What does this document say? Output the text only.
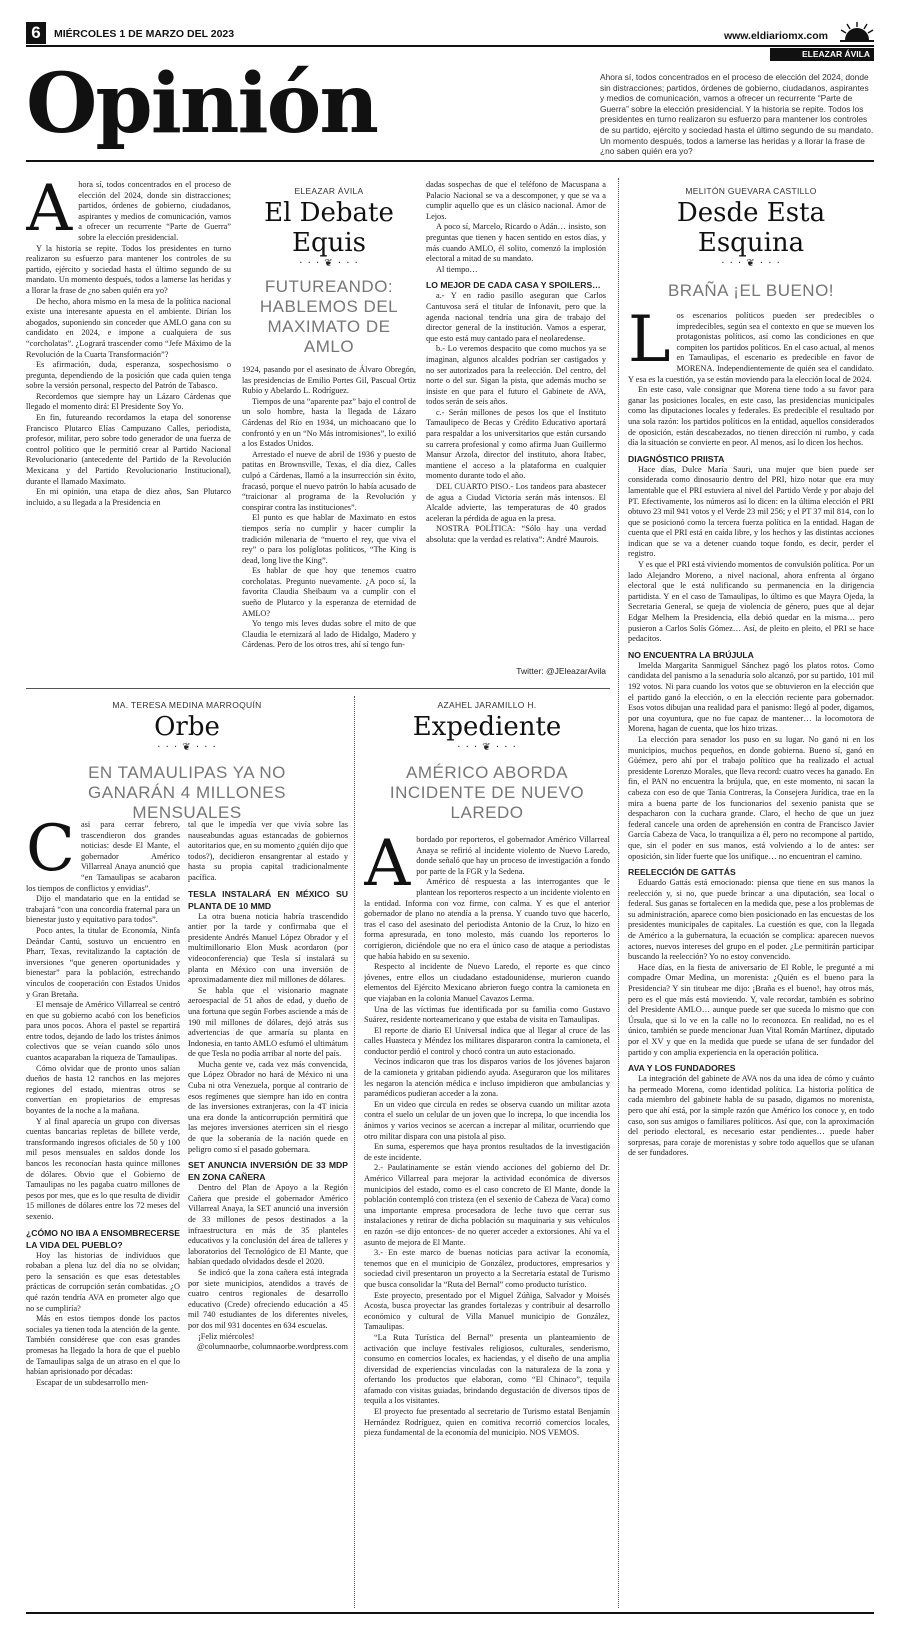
6	MIÉRCOLES 1 DE MARZO DEL 2023	www.eldiariomx.com
ELEAZAR ÁVILA
Opinión	Ahora sí, todos concentrados en el proceso de elección del 2024, donde sin distracciones; partidos, órdenes de gobierno, ciudadanos, aspirantes y medios de comunicación, vamos a ofrecer un recurrente “Parte de Guerra” sobre la elección presidencial. Y la historia se repite. Todos los presidentes en turno realizaron su esfuerzo para mantener los controles de su partido, ejército y sociedad hasta el último segundo de su mandato. Un momento después, todos a lamerse las heridas y a llorar la frase de ¿no saben quién era yo?
A hora sí, todos concentrados en el proceso de elección del 2024, donde sin distracciones; partidos, órdenes de gobierno, ciudadanos, aspirantes y medios de comunicación, vamos a ofrecer un recurrente “Parte de Guerra” sobre la elección presidencial.

Y la historia se repite. Todos los presidentes en turno realizaron su esfuerzo para mantener los controles de su partido, ejército y sociedad hasta el último segundo de su mandato. Un momento después, todos a lamerse las heridas y a llorar la frase de ¿no saben quién era yo?

De hecho, ahora mismo en la mesa de la política nacional existe una interesante apuesta en el ambiente. Dirían los abogados, suponiendo sin conceder que AMLO gana con su candidato en 2024, e impone a cualquiera de sus “corcholatas”. ¿Logrará trascender como “Jefe Máximo de la Revolución de la Cuarta Transformación”?

Es afirmación, duda, esperanza, sospechosismo o pregunta, dependiendo de la posición que cada quien tenga sobre la versión personal, respecto del Patrón de Tabasco.

Recordemos que siempre hay un Lázaro Cárdenas que llegado el momento dirá: El Presidente Soy Yo.

En fin, futureando recordamos la etapa del sonorense Francisco Plutarco Elías Campuzano Calles, periodista, profesor, militar, pero sobre todo generador de una fuerza de control político que le permitió crear al Partido Nacional Revolucionario (antecedente del Partido de la Revolución Mexicana y del Partido Revolucionario Institucional), durante el llamado Maximato.

En mi opinión, una etapa de diez años, San Plutarco incluido, a su llegada a la Presidencia en

ELEAZAR ÁVILA
El Debate Equis
· · · ❦ · · ·
FUTUREANDO: HABLEMOS DEL MAXIMATO DE AMLO

1924, pasando por el asesinato de Álvaro Obregón, las presidencias de Emilio Portes Gil, Pascual Ortiz Rubio y Abelardo L. Rodríguez.

Tiempos de una “aparente paz” bajo el control de un solo hombre, hasta la llegada de Lázaro Cárdenas del Río en 1934, un michoacano que lo confrontó y en un “No Más intromisiones”, lo exilió a los Estados Unidos.

Arrestado el nueve de abril de 1936 y puesto de patitas en Brownsville, Texas, el día diez, Calles culpó a Cárdenas, llamó a la insurrección sin éxito, fracasó, porque el nuevo patrón lo había acusado de “traicionar al programa de la Revolución y conspirar contra las instituciones”.

El punto es que hablar de Maximato en estos tiempos sería no cumplir y hacer cumplir la tradición milenaria de “muerto el rey, que viva el rey” o para los políglotas políticos, “The King is dead, long live the King”.

Es hablar de que hoy que tenemos cuatro corcholatas. Pregunto nuevamente. ¿A poco sí, la favorita Claudia Sheibaum va a cumplir con el sueño de Plutarco y la esperanza de eternidad de AMLO?

Yo tengo mis leves dudas sobre el mito de que Claudia le eternizará al lado de Hidalgo, Madero y Cárdenas. Pero de los otros tres, ahí sí tengo fun-

dadas sospechas de que el teléfono de Macuspana a Palacio Nacional se va a descomponer, y que se va a cumplir aquello que es un clásico nacional. Amor de Lejos.

A poco sí, Marcelo, Ricardo o Adán… insisto, son preguntas que tienen y hacen sentido en estos días, y más cuando AMLO, él solito, comenzó la implosión electoral a mitad de su mandato.

Al tiempo…

LO MEJOR DE CADA CASA Y SPOILERS…

a.- Y en radio pasillo aseguran que Carlos Cantuvosa será el titular de Infonavit, pero que la agenda nacional tendría una gira de trabajo del director general de la institución. Vamos a esperar, que esto está muy cantado para el neolaredense.

b.- Lo veremos despacito que como muchos ya se imaginan, algunos alcaldes podrían ser castigados y no ser autorizados para la reelección. Del centro, del norte o del sur. Sigan la pista, que además mucho se insiste en que para el futuro el Gabinete de AVA, todos serán de seis años.

c.- Serán millones de pesos los que el Instituto Tamaulipeco de Becas y Crédito Educativo aportará para respaldar a los universitarios que están cursando su carrera profesional y como afirma Juan Guillermo Mansur Arzola, director del instituto, ahora Itabec, mantiene el acceso a la plataforma en cualquier momento durante todo el año.

DEL CUARTO PISO.- Los tandeos para abastecer de agua a Ciudad Victoria serán más intensos. El Alcalde advierte, las temperaturas de 40 grados aceleran la pérdida de agua en la presa.

NOSTRA POLÍTICA: “Sólo hay una verdad absoluta: que la verdad es relativa”: André Maurois.

Twitter: @JEleazarAvila
MELITÓN GUEVARA CASTILLO
Desde Esta Esquina
· · · ❦ · · ·
BRAÑA ¡EL BUENO!
L os escenarios políticos pueden ser predecibles o impredecibles, según sea el contexto en que se mueven los protagonistas políticos, así como las condiciones en que compiten los partidos políticos. En el caso actual, al menos en Tamaulipas, el escenario es predecible en favor de MORENA. Independientemente de quién sea el candidato. Y esa es la cuestión, ya se están moviendo para la elección local de 2024.

En este caso, vale consignar que Morena tiene todo a su favor para ganar las posiciones locales, en este caso, las presidencias municipales como las diputaciones locales y federales. Es predecible el resultado por una sola razón: los partidos políticos en la entidad, aquellos considerados de oposición, están descabezados, no tienen dirección ni rumbo, y cada día la situación se convierte en peor. Al menos, así lo dicen los hechos.

DIAGNÓSTICO PRIISTA

Hace días, Dulce María Sauri, una mujer que bien puede ser considerada como dinosaurio dentro del PRI, hizo notar que era muy lamentable que el PRI estuviera al nivel del Partido Verde y por abajo del PT. Efectivamente, los números así lo dicen: en la última elección el PRI obtuvo 23 mil 941 votos y el Verde 23 mil 256; y el PT 37 mil 814, con lo que se posicionó como la tercera fuerza política en la entidad. Hagan de cuenta que el PRI está en caída libre, y los hechos y las distintas acciones indican que se va a detener cuando toque fondo, es decir, perder el registro.

Y es que el PRI está viviendo momentos de convulsión política. Por un lado Alejandro Moreno, a nivel nacional, ahora enfrenta al órgano electoral que le está nulificando su permanencia en la dirigencia partidista. Y en el caso de Tamaulipas, lo último es que Mayra Ojeda, la Secretaria General, se queja de violencia de género, pues que al dejar Edgar Melhem la Presidencia, ella debió quedar en la misma… pero pusieron a Carlos Solís Gómez… Así, de pleito en pleito, el PRI se hace pedacitos.

NO ENCUENTRA LA BRÚJULA

Imelda Margarita Sanmiguel Sánchez pagó los platos rotos. Como candidata del panismo a la senaduría solo alcanzó, por su partido, 101 mil 192 votos. Ni para cuando los votos que se obtuvieron en la elección que el partido ganó la elección, o en la elección reciente para gobernador. Esos votos dibujan una realidad para el panismo: llegó al poder, digamos, por una coyuntura, que no fue capaz de mantener… la locomotora de Morena, hagan de cuenta, que los hizo trizas.

La elección para senador los puso en su lugar. No ganó ni en los municipios, muchos pequeños, en donde gobierna. Bueno sí, ganó en Güémez, pero ahí por el trabajo político que ha realizado el actual presidente Lorenzo Morales, que lleva record: cuatro veces ha ganado. En fin, el PAN no encuentra la brújula, que, en este momento, ni sacan la cabeza con eso de que Tania Contreras, la Consejera Jurídica, trae en la mira a buena parte de los funcionarios del sexenio panista que se despacharon con la cuchara grande. Claro, el hecho de que un juez federal cancele una orden de aprehensión en contra de Francisco Javier García Cabeza de Vaca, lo tranquiliza a él, pero no recompone al partido, que, sin el poder en sus manos, está volviendo a lo de antes: ser oposición, sin líder fuerte que los unifique… no encuentran el camino.

REELECCIÓN DE GATTÁS

Eduardo Gattás está emocionado: piensa que tiene en sus manos la reelección y, si no, que puede brincar a una diputación, sea local o federal. Sus ganas se fortalecen en la medida que, pese a los problemas de su administración, aparece como bien posicionado en las encuestas de los presidentes municipales de capitales. La cuestión es que, con la llegada de Américo a la gubernatura, la ecuación se complica: aparecen nuevos actores, nuevos intereses del grupo en el poder. ¿Le permitirán participar buscando la reelección? Yo no estoy convencido.

Hace días, en la fiesta de aniversario de El Roble, le pregunté a mi compadre Omar Medina, un morenista: ¿Quién es el bueno para la Presidencia? Y sin titubear me dijo: ¡Braña es el bueno!, hay otros más, pero es el que más está moviendo. Y, vale recordar, también es sobrino del Presidente AMLO… aunque puede ser que suceda lo mismo que con Úrsula, que si lo ve en la calle no lo reconozca. En realidad, no es el único, también se puede mencionar Juan Vital Román Martínez, diputado por el XV y que en la medida que puede se ufana de ser fundador del partido y con amplia experiencia en la operación política.

AVA Y LOS FUNDADORES

La integración del gabinete de AVA nos da una idea de cómo y cuánto ha permeado Morena, como identidad política. La historia política de cada miembro del gabinete habla de su pasado, digamos no morenista, pero que ahí está, por la simple razón que Américo los conoce y, en todo caso, son sus amigos o familiares políticos. Así que, con la aproximación del periodo electoral, es necesario estar pendientes… puede haber sorpresas, para coraje de morenistas y sobre todo aquellos que se ufanan de ser fundadores.

MA. TERESA MEDINA MARROQUÍN
Orbe
· · · ❦ · · ·
EN TAMAULIPAS YA NO GANARÁN 4 MILLONES MENSUALES
C asi para cerrar febrero, trascendieron dos grandes noticias: desde El Mante, el gobernador Américo Villarreal Anaya anunció que “en Tamaulipas se acabaron los tiempos de conflictos y envidias”.

Dijo el mandatario que en la entidad se trabajará “con una concordia fraternal para un bienestar justo y equitativo para todos”.

Poco antes, la titular de Economía, Ninfa Deándar Cantú, sostuvo un encuentro en Pharr, Texas, revitalizando la captación de inversiones “que generen oportunidades y bienestar” para la población, estrechando vínculos de cooperación con Estados Unidos y Gran Bretaña.

El mensaje de Américo Villarreal se centró en que su gobierno acabó con los beneficios para unos pocos. Ahora el pastel se repartirá entre todos, dejando de lado los tristes ánimos colectivos que se veían cuando sólo unos cuantos acaparaban la riqueza de Tamaulipas.

Cómo olvidar que de pronto unos salían dueños de hasta 12 ranchos en las mejores regiones del estado, mientras otros se convertían en propietarios de empresas boyantes de la noche a la mañana.

Y al final aparecía un grupo con diversas cuentas bancarias repletas de billete verde, transformando ingresos oficiales de 50 y 100 mil pesos mensuales en saldos donde los bancos les reconocían hasta quince millones de dólares. Obvio que el Gobierno de Tamaulipas no les pagaba cuatro millones de pesos por mes, que es lo que resulta de dividir 15 millones de dólares entre los 72 meses del sexenio.

¿CÓMO NO IBA A ENSOMBRECERSE LA VIDA DEL PUEBLO?

Hoy las historias de individuos que robaban a plena luz del día no se olvidan; pero la sensación es que esas detestables prácticas de corrupción serán combatidas. ¿O qué razón tendría AVA en prometer algo que no se cumpliría?

Más en estos tiempos donde los pactos sociales ya tienen toda la atención de la gente. También considérese que con esas grandes promesas ha llegado la hora de que el pueblo de Tamaulipas salga de un atraso en el que lo habían aprisionado por décadas:

Escapar de un subdesarrollo men-

tal que le impedía ver que vivía sobre las nauseabundas aguas estancadas de gobiernos autoritarios que, en su momento ¿quién dijo que todos?), decidieron ensangrentar al estado y hasta su propia capital tradicionalmente pacífica.

TESLA INSTALARÁ EN MÉXICO SU PLANTA DE 10 MMD

La otra buena noticia habría trascendido antier por la tarde y confirmaba que el presidente Andrés Manuel López Obrador y el multimillonario Elon Musk acordaron (por videoconferencia) que Tesla sí instalará su planta en México con una inversión de aproximadamente diez mil millones de dólares.

Se habla que el visionario magnate aeroespacial de 51 años de edad, y dueño de una fortuna que según Forbes asciende a más de 190 mil millones de dólares, dejó atrás sus advertencias de que armaría su planta en Indonesia, en tanto AMLO esfumó el ultimátum de que Tesla no podía arribar al norte del país.

Mucha gente ve, cada vez más convencida, que López Obrador no hará de México ni una Cuba ni otra Venezuela, porque al contrario de esos regímenes que siempre han ido en contra de las inversiones extranjeras, con la 4T inicia una era donde la anticorrupción permitirá que las mejores inversiones aterricen sin el riesgo de que la soberanía de la nación quede en peligro como sí el pasado gobernara.

SET ANUNCIA INVERSIÓN DE 33 MDP EN ZONA CAÑERA

Dentro del Plan de Apoyo a la Región Cañera que preside el gobernador Américo Villarreal Anaya, la SET anunció una inversión de 33 millones de pesos destinados a la infraestructura en más de 35 planteles educativos y la conclusión del área de talleres y laboratorios del Tecnológico de El Mante, que habían quedado olvidados desde el 2020.

Se indicó que la zona cañera está integrada por siete municipios, atendidos a través de cuatro centros regionales de desarrollo educativo (Crede) ofreciendo educación a 45 mil 740 estudiantes de los diferentes niveles, por dos mil 931 docentes en 634 escuelas.

¡Feliz miércoles!

@columnaorbe, columnaorbe.wordpress.com

AZAHEL JARAMILLO H.
Expediente
· · · ❦ · · ·
AMÉRICO ABORDA INCIDENTE DE NUEVO LAREDO
A bordado por reporteros, el gobernador Américo Villarreal Anaya se refirió al incidente violento de Nuevo Laredo, donde señaló que hay un proceso de investigación a fondo por parte de la FGR y la Sedena.

Américo dé respuesta a las interrogantes que le plantean los reporteros respecto a un incidente violento en la entidad. Informa con voz firme, con calma. Y es que el anterior gobernador de plano no atendía a la prensa. Y cuando tuvo que hacerlo, tras el caso del asesinato del periodista Antonio de la Cruz, lo hizo en forma apresurada, en tono molesto, más cuando los reporteros lo corrigieron, diciéndole que no era el único caso de ataque a periodistas que había habido en su sexenio.

Respecto al incidente de Nuevo Laredo, el reporte es que cinco jóvenes, entre ellos un ciudadano estadounidense, murieron cuando elementos del Ejército Mexicano abrieron fuego contra la camioneta en que viajaban en la colonia Manuel Cavazos Lerma.

Una de las víctimas fue identificada por su familia como Gustavo Suárez, residente norteamericano y que estaba de visita en Tamaulipas.

El reporte de diario El Universal indica que al llegar al cruce de las calles Huasteca y Méndez los militares dispararon contra la camioneta, el conductor perdió el control y chocó contra un auto estacionado.

Vecinos indicaron que tras los disparos varios de los jóvenes bajaron de la camioneta y gritaban pidiendo ayuda. Aseguraron que los militares les negaron la atención médica e incluso impidieron que ambulancias y paramédicos pudieran acceder a la zona.

En un video que circula en redes se observa cuando un militar azota contra el suelo un celular de un joven que lo increpa, lo que incendia los ánimos y varios vecinos se acercan a increpar al militar, ocurriendo que otro militar dispara con una pistola al piso.

En suma, esperemos que haya prontos resultados de la investigación de este incidente.

2.- Paulatinamente se están viendo acciones del gobierno del Dr. Américo Villarreal para mejorar la actividad económica de diversos municipios del estado, como es el caso concreto de El Mante, donde la población contempló con tristeza (en el sexenio de Cabeza de Vaca) como una importante empresa procesadora de leche tuvo que cerrar sus instalaciones y retirar de dicha población su maquinaria y sus vehículos en razón -se dijo entonces- de no querer acceder a extorsiones. Ahí va el asunto de mejora de El Mante.

3.- En este marco de buenas noticias para activar la economía, tenemos que en el municipio de González, productores, empresarios y sociedad civil presentaron un proyecto a la Secretaría estatal de Turismo que busca consolidar la “Ruta del Bernal” como producto turístico.

Este proyecto, presentado por el Miguel Zúñiga, Salvador y Moisés Acosta, busca proyectar las grandes fortalezas y contribuir al desarrollo económico y cultural de Villa Manuel municipio de González, Tamaulipas.

“La Ruta Turística del Bernal” presenta un planteamiento de activación que incluye festivales religiosos, culturales, senderismo, consumo en comercios locales, ex haciendas, y el diseño de una amplia diversidad de experiencias vinculadas con la naturaleza de la zona y ofertando los productos que elaboran, como “El Chinaco”, tequila afamado con visitas guiadas, brindando degustación de diversos tipos de tequila a los visitantes.

El proyecto fue presentado al secretario de Turismo estatal Benjamín Hernández Rodríguez, quien en comitiva recorrió comercios locales, pieza fundamental de la economía del municipio. NOS VEMOS.
